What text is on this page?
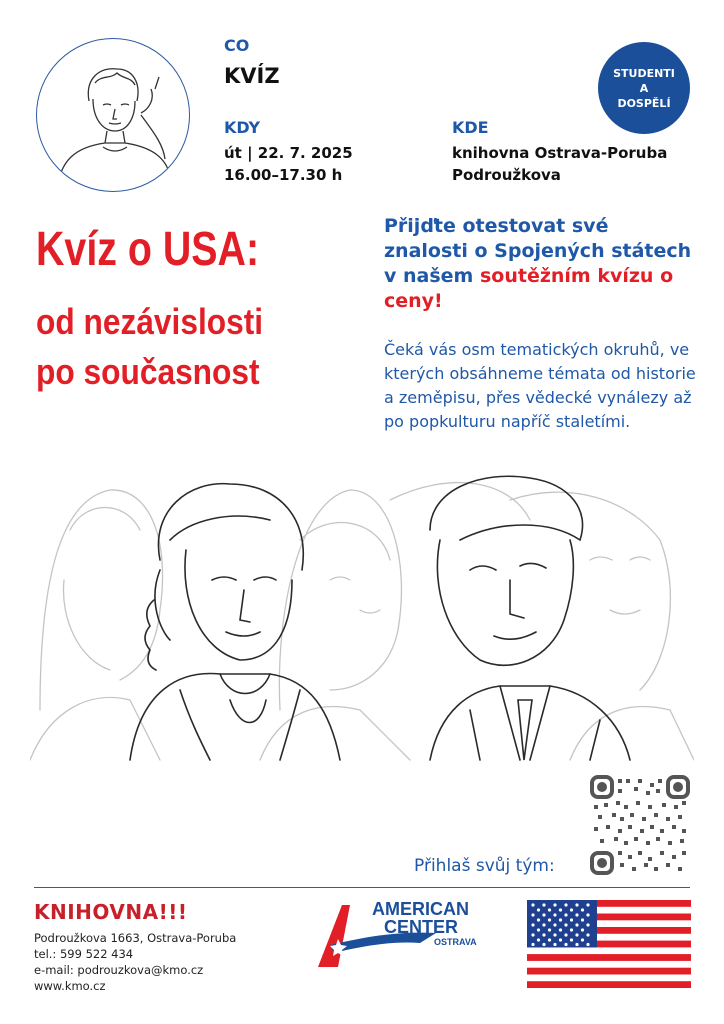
CO
KVÍZ
KDY
út | 22. 7. 2025
16.00–17.30 h
KDE
knihovna Ostrava-Poruba
Podroužkova
STUDENTI
A
DOSPĚLÍ
Kvíz o USA:
od nezávislosti
po současnost
Přijďte otestovat své znalosti o Spojených státech v našem soutěžním kvízu o ceny!
Čeká vás osm tematických okruhů, ve kterých obsáhneme témata od historie a zeměpisu, přes vědecké vynálezy až po popkulturu napříč staletími.
Přihlaš svůj tým:
KNIHOVNA!!!
Podroužkova 1663, Ostrava-Poruba
tel.: 599 522 434
e-mail: podrouzkova@kmo.cz
www.kmo.cz
AMERICAN
CENTER
OSTRAVA
